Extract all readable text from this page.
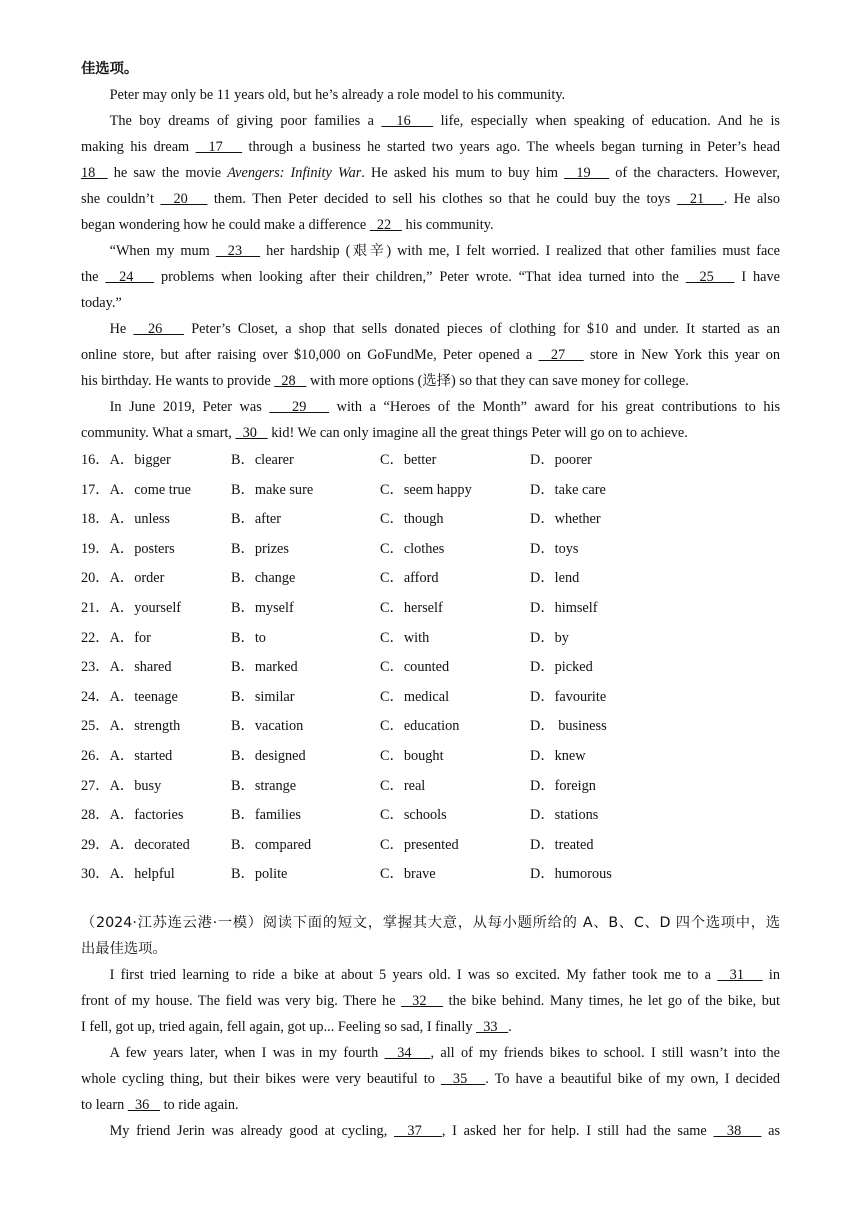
佳选项。
Peter may only be 11 years old, but he’s already a role model to his community.
The boy dreams of giving poor families a   16    life, especially when speaking of education. And he is
making his dream   17    through a business he started two years ago. The wheels began turning in Peter’s head
18   he saw the movie Avengers: Infinity War. He asked his mum to buy him   19    of the characters. However,
she couldn’t   20    them. Then Peter decided to sell his clothes so that he could buy the toys   21   . He also
began wondering how he could make a difference   22    his community.
“When my mum   23    her hardship (艰辛) with me, I felt worried. I realized that other families must face
the   24    problems when looking after their children,” Peter wrote. “That idea turned into the   25    I have
today.”
He   26    Peter’s Closet, a shop that sells donated pieces of clothing for $10 and under. It started as an
online store, but after raising over $10,000 on GoFundMe, Peter opened a   27    store in New York this year on
his birthday. He wants to provide   28    with more options (选择) so that they can save money for college.
In June 2019, Peter was    29    with a “Heroes of the Month” award for his great contributions to his
community. What a smart,   30    kid! We can only imagine all the great things Peter will go on to achieve.
16．A．bigger	B．clearer	C．better	D．poorer
17．A．come true	B．make sure	C．seem happy	D．take care
18．A．unless	B．after	C．though	D．whether
19．A．posters	B．prizes	C．clothes	D．toys
20．A．order	B．change	C．afford	D．lend
21．A．yourself	B．myself	C．herself	D．himself
22．A．for	B．to	C．with	D．by
23．A．shared	B．marked	C．counted	D．picked
24．A．teenage	B．similar	C．medical	D．favourite
25．A．strength	B．vacation	C．education	D． business
26．A．started	B．designed	C．bought	D．knew
27．A．busy	B．strange	C．real	D．foreign
28．A．factories	B．families	C．schools	D．stations
29．A．decorated	B．compared	C．presented	D．treated
30．A．helpful	B．polite	C．brave	D．humorous
（2024·江苏连云港·一模）阅读下面的短文，掌握其大意，从每小题所给的 A、B、C、D 四个选项中，选
出最佳选项。
I first tried learning to ride a bike at about 5 years old. I was so excited. My father took me to a   31    in
front of my house. The field was very big. There he   32    the bike behind. Many times, he let go of the bike, but
I fell, got up, tried again, fell again, got up... Feeling so sad, I finally   33   .
A few years later, when I was in my fourth   34   , all of my friends bikes to school. I still wasn’t into the
whole cycling thing, but their bikes were very beautiful to   35   . To have a beautiful bike of my own, I decided
to learn   36    to ride again.
My friend Jerin was already good at cycling,   37   , I asked her for help. I still had the same   38    as
